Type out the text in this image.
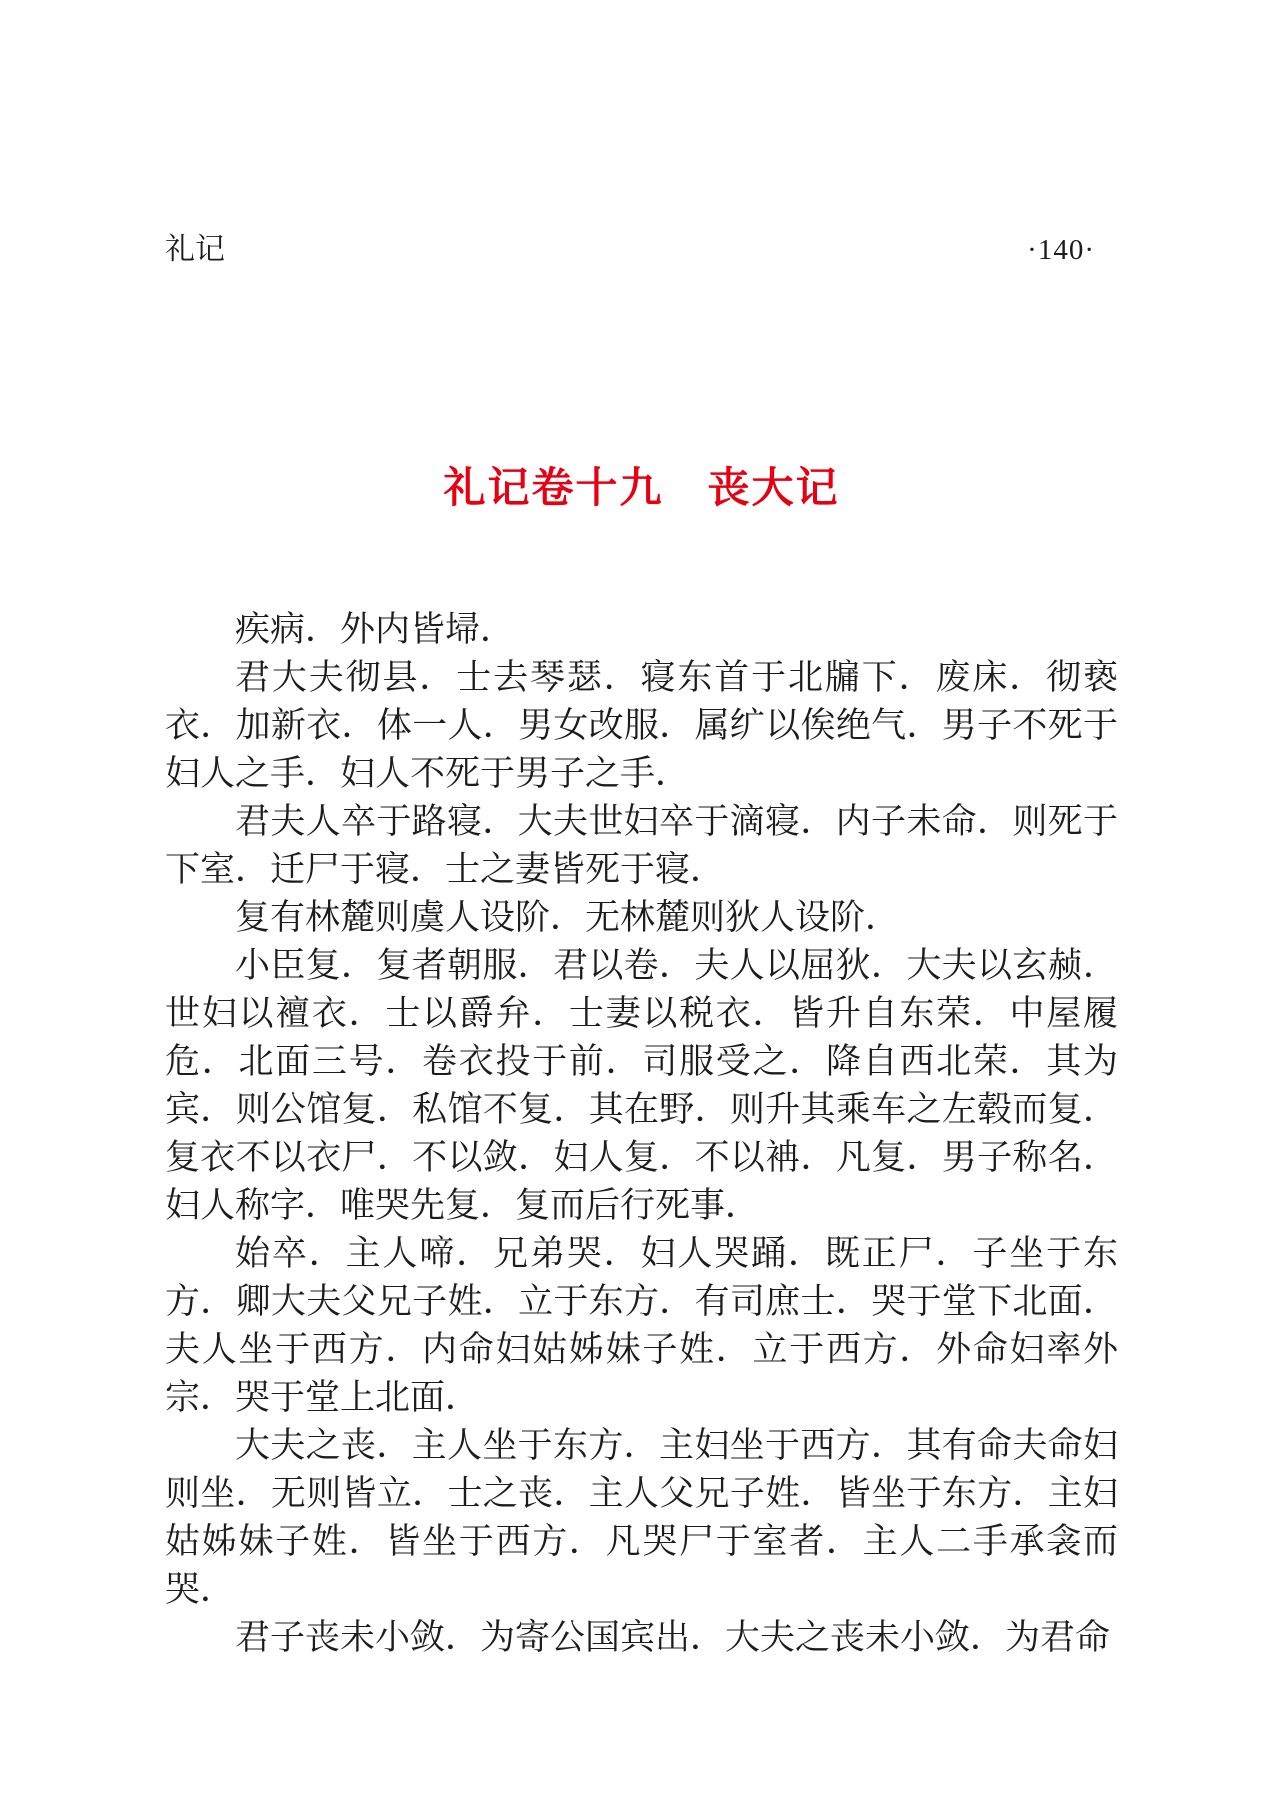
礼记	·140·
礼记卷十九　丧大记

疾病．外内皆埽．

君大夫彻县．士去琴瑟．寝东首于北牖下．废床．彻亵衣．加新衣．体一人．男女改服．属纩以俟绝气．男子不死于妇人之手．妇人不死于男子之手．

君夫人卒于路寝．大夫世妇卒于滴寝．内子未命．则死于下室．迁尸于寝．士之妻皆死于寝．

复有林麓则虞人设阶．无林麓则狄人设阶．

小臣复．复者朝服．君以卷．夫人以屈狄．大夫以玄赪．世妇以襢衣．士以爵弁．士妻以税衣．皆升自东荣．中屋履危．北面三号．卷衣投于前．司服受之．降自西北荣．其为宾．则公馆复．私馆不复．其在野．则升其乘车之左毂而复．复衣不以衣尸．不以敛．妇人复．不以袡．凡复．男子称名．妇人称字．唯哭先复．复而后行死事．

始卒．主人啼．兄弟哭．妇人哭踊．既正尸．子坐于东方．卿大夫父兄子姓．立于东方．有司庶士．哭于堂下北面．夫人坐于西方．内命妇姑姊妹子姓．立于西方．外命妇率外宗．哭于堂上北面．

大夫之丧．主人坐于东方．主妇坐于西方．其有命夫命妇则坐．无则皆立．士之丧．主人父兄子姓．皆坐于东方．主妇姑姊妹子姓．皆坐于西方．凡哭尸于室者．主人二手承衾而哭．

君子丧未小敛．为寄公国宾出．大夫之丧未小敛．为君命
